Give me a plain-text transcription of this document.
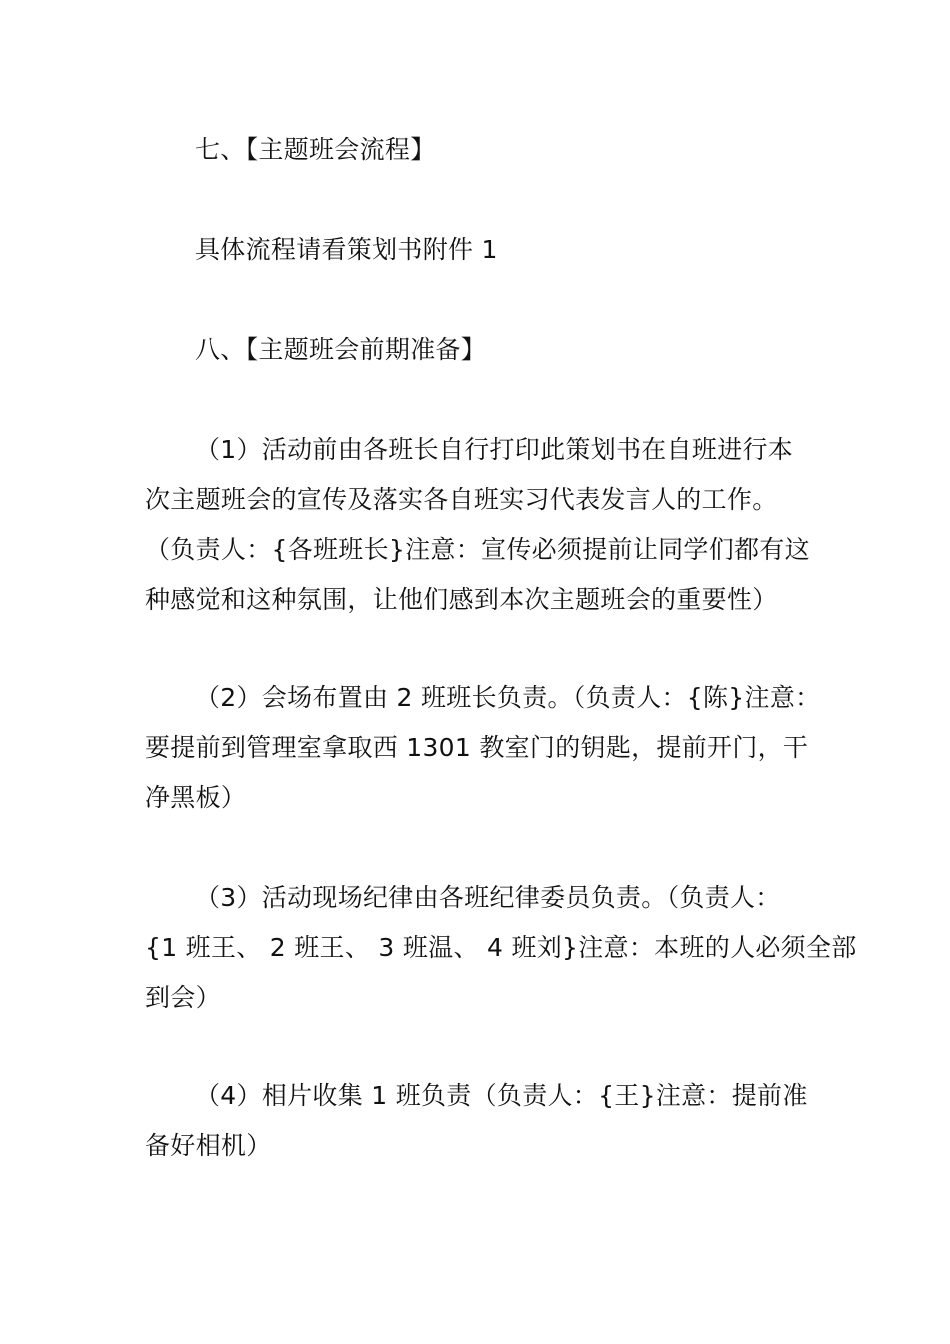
七、【主题班会流程】
具体流程请看策划书附件 1
八、【主题班会前期准备】
（1）活动前由各班长自行打印此策划书在自班进行本
次主题班会的宣传及落实各自班实习代表发言人的工作。
（负责人：{各班班长}注意：宣传必须提前让同学们都有这
种感觉和这种氛围，让他们感到本次主题班会的重要性）
（2）会场布置由 2 班班长负责。（负责人：{陈}注意：
要提前到管理室拿取西 1301 教室门的钥匙，提前开门，干
净黑板）
（3）活动现场纪律由各班纪律委员负责。（负责人：
{1 班王、 2 班王、 3 班温、 4 班刘}注意：本班的人必须全部
到会）
（4）相片收集 1 班负责（负责人：{王}注意：提前准
备好相机）
